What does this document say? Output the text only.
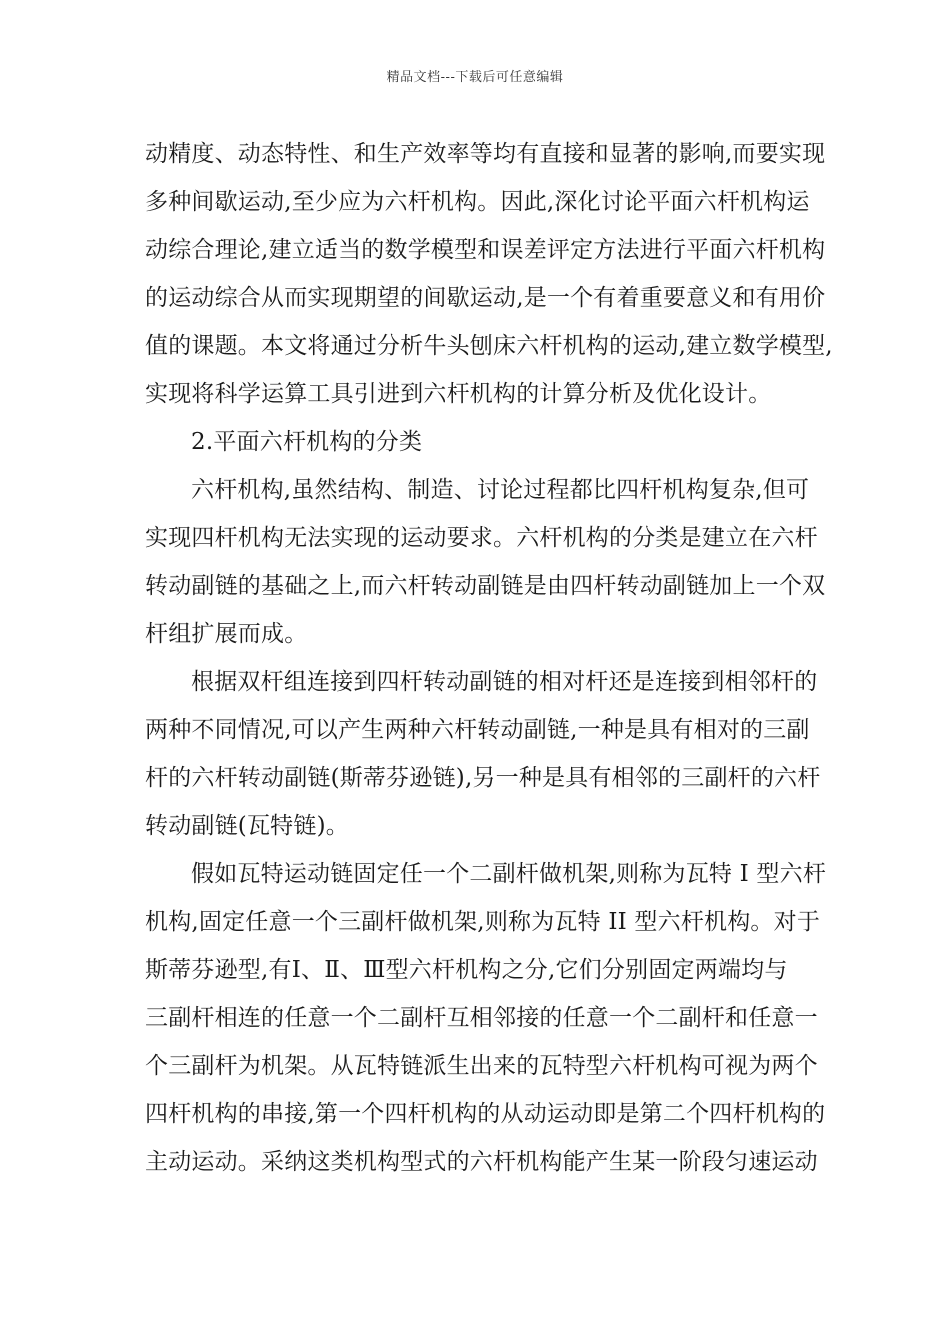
精品文档---下载后可任意编辑
动精度、动态特性、和生产效率等均有直接和显著的影响,而要实现
多种间歇运动,至少应为六杆机构。因此,深化讨论平面六杆机构运
动综合理论,建立适当的数学模型和误差评定方法进行平面六杆机构
的运动综合从而实现期望的间歇运动,是一个有着重要意义和有用价
值的课题。本文将通过分析牛头刨床六杆机构的运动,建立数学模型,
实现将科学运算工具引进到六杆机构的计算分析及优化设计。
2.平面六杆机构的分类
六杆机构,虽然结构、制造、讨论过程都比四杆机构复杂,但可
实现四杆机构无法实现的运动要求。六杆机构的分类是建立在六杆
转动副链的基础之上,而六杆转动副链是由四杆转动副链加上一个双
杆组扩展而成。
根据双杆组连接到四杆转动副链的相对杆还是连接到相邻杆的
两种不同情况,可以产生两种六杆转动副链,一种是具有相对的三副
杆的六杆转动副链(斯蒂芬逊链),另一种是具有相邻的三副杆的六杆
转动副链(瓦特链)。
假如瓦特运动链固定任一个二副杆做机架,则称为瓦特 I 型六杆
机构,固定任意一个三副杆做机架,则称为瓦特 II 型六杆机构。对于
斯蒂芬逊型,有Ⅰ、Ⅱ、Ⅲ型六杆机构之分,它们分别固定两端均与
三副杆相连的任意一个二副杆互相邻接的任意一个二副杆和任意一
个三副杆为机架。从瓦特链派生出来的瓦特型六杆机构可视为两个
四杆机构的串接,第一个四杆机构的从动运动即是第二个四杆机构的
主动运动。采纳这类机构型式的六杆机构能产生某一阶段匀速运动
